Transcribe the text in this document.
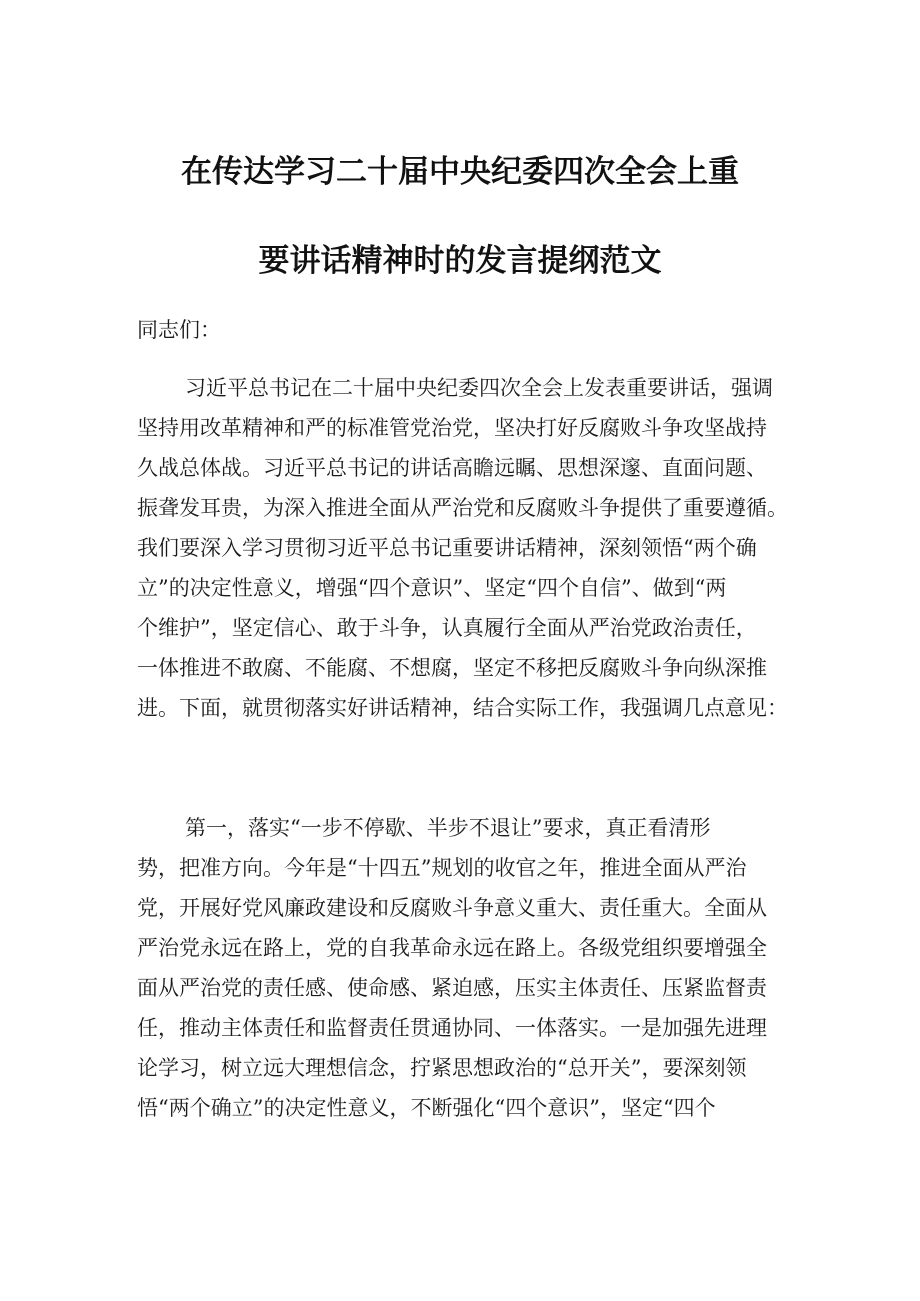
在传达学习二十届中央纪委四次全会上重
要讲话精神时的发言提纲范文
同志们：
习近平总书记在二十届中央纪委四次全会上发表重要讲话，强调
坚持用改革精神和严的标准管党治党，坚决打好反腐败斗争攻坚战持
久战总体战。习近平总书记的讲话高瞻远瞩、思想深邃、直面问题、
振聋发耳贵，为深入推进全面从严治党和反腐败斗争提供了重要遵循。
我们要深入学习贯彻习近平总书记重要讲话精神，深刻领悟“两个确
立”的决定性意义，增强“四个意识”、坚定“四个自信”、做到“两
个维护”，坚定信心、敢于斗争，认真履行全面从严治党政治责任，
一体推进不敢腐、不能腐、不想腐，坚定不移把反腐败斗争向纵深推
进。下面，就贯彻落实好讲话精神，结合实际工作，我强调几点意见：
第一，落实“一步不停歇、半步不退让”要求，真正看清形
势，把准方向。今年是“十四五”规划的收官之年，推进全面从严治
党，开展好党风廉政建设和反腐败斗争意义重大、责任重大。全面从
严治党永远在路上，党的自我革命永远在路上。各级党组织要增强全
面从严治党的责任感、使命感、紧迫感，压实主体责任、压紧监督责
任，推动主体责任和监督责任贯通协同、一体落实。一是加强先进理
论学习，树立远大理想信念，拧紧思想政治的“总开关”，要深刻领
悟“两个确立”的决定性意义，不断强化“四个意识”，坚定“四个
